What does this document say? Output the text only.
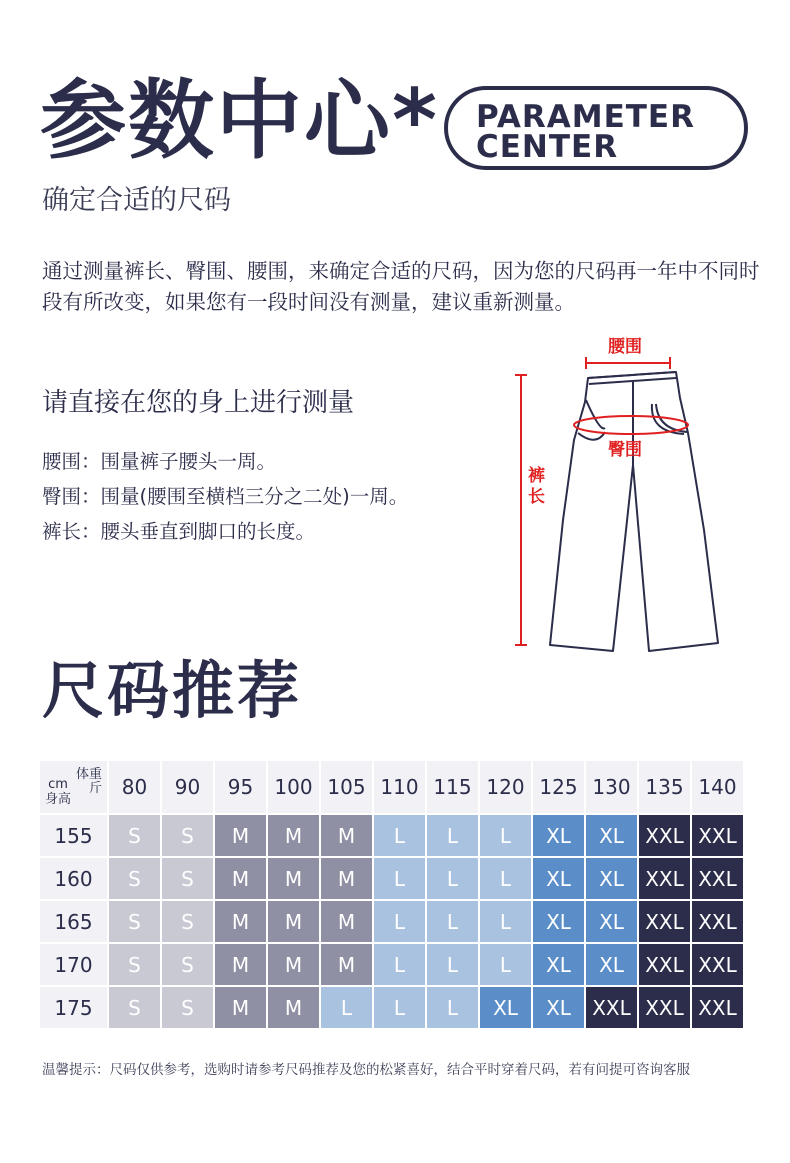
参数中心*
确定合适的尺码
PARAMETER
CENTER
通过测量裤长、臀围、腰围，来确定合适的尺码，因为您的尺码再一年中不同时段有所改变，如果您有一段时间没有测量，建议重新测量。
请直接在您的身上进行测量
腰围：围量裤子腰头一周。
臀围：围量(腰围至横档三分之二处)一周。
裤长：腰头垂直到脚口的长度。
腰围
臀围
裤
长
尺码推荐
体重
斤
cm
身高	80	90	95	100	105	110	115	120	125	130	135	140
155	S	S	M	M	M	L	L	L	XL	XL	XXL	XXL
160	S	S	M	M	M	L	L	L	XL	XL	XXL	XXL
165	S	S	M	M	M	L	L	L	XL	XL	XXL	XXL
170	S	S	M	M	M	L	L	L	XL	XL	XXL	XXL
175	S	S	M	M	L	L	L	XL	XL	XXL	XXL	XXL
温馨提示：尺码仅供参考，选购时请参考尺码推荐及您的松紧喜好，结合平时穿着尺码，若有问提可咨询客服
